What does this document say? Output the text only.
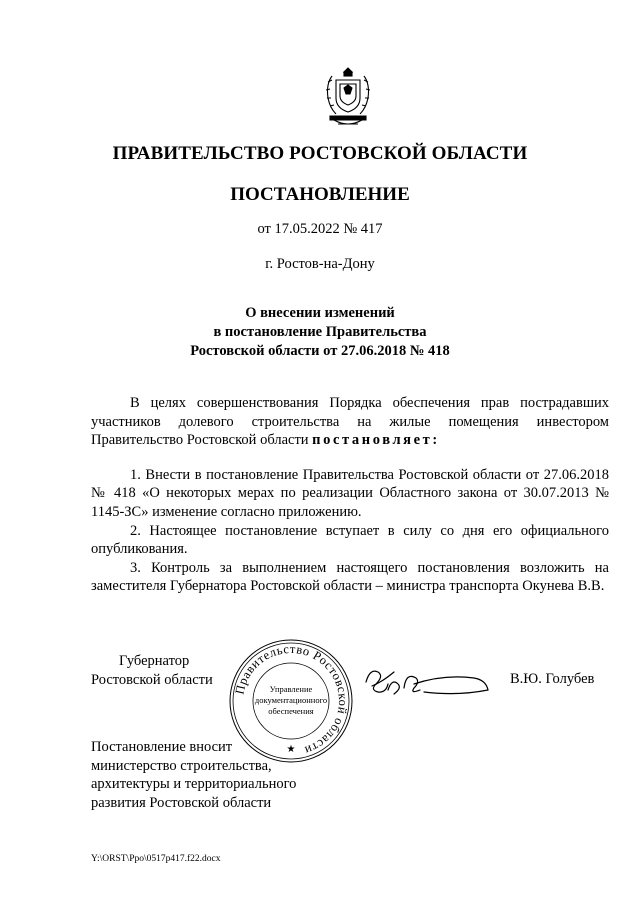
ПРАВИТЕЛЬСТВО РОСТОВСКОЙ ОБЛАСТИ
ПОСТАНОВЛЕНИЕ
от 17.05.2022 № 417
г. Ростов-на-Дону
О внесении изменений
в постановление Правительства
Ростовской области от 27.06.2018 № 418

В целях совершенствования Порядка обеспечения прав пострадавших участников долевого строительства на жилые помещения инвестором Правительство Ростовской области постановляет:

1. Внести в постановление Правительства Ростовской области от 27.06.2018 № 418 «О некоторых мерах по реализации Областного закона от 30.07.2013 № 1145-ЗС» изменение согласно приложению.

2. Настоящее постановление вступает в силу со дня его официального опубликования.

3. Контроль за выполнением настоящего постановления возложить на заместителя Губернатора Ростовской области – министра транспорта Окунева В.В.

Губернатор
Ростовской области
Правительство Ростовской области
Управление
документационного
обеспечения
★
В.Ю. Голубев
Постановление вносит
министерство строительства,
архитектуры и территориального
развития Ростовской области
Y:\ORST\Ppo\0517p417.f22.docx
